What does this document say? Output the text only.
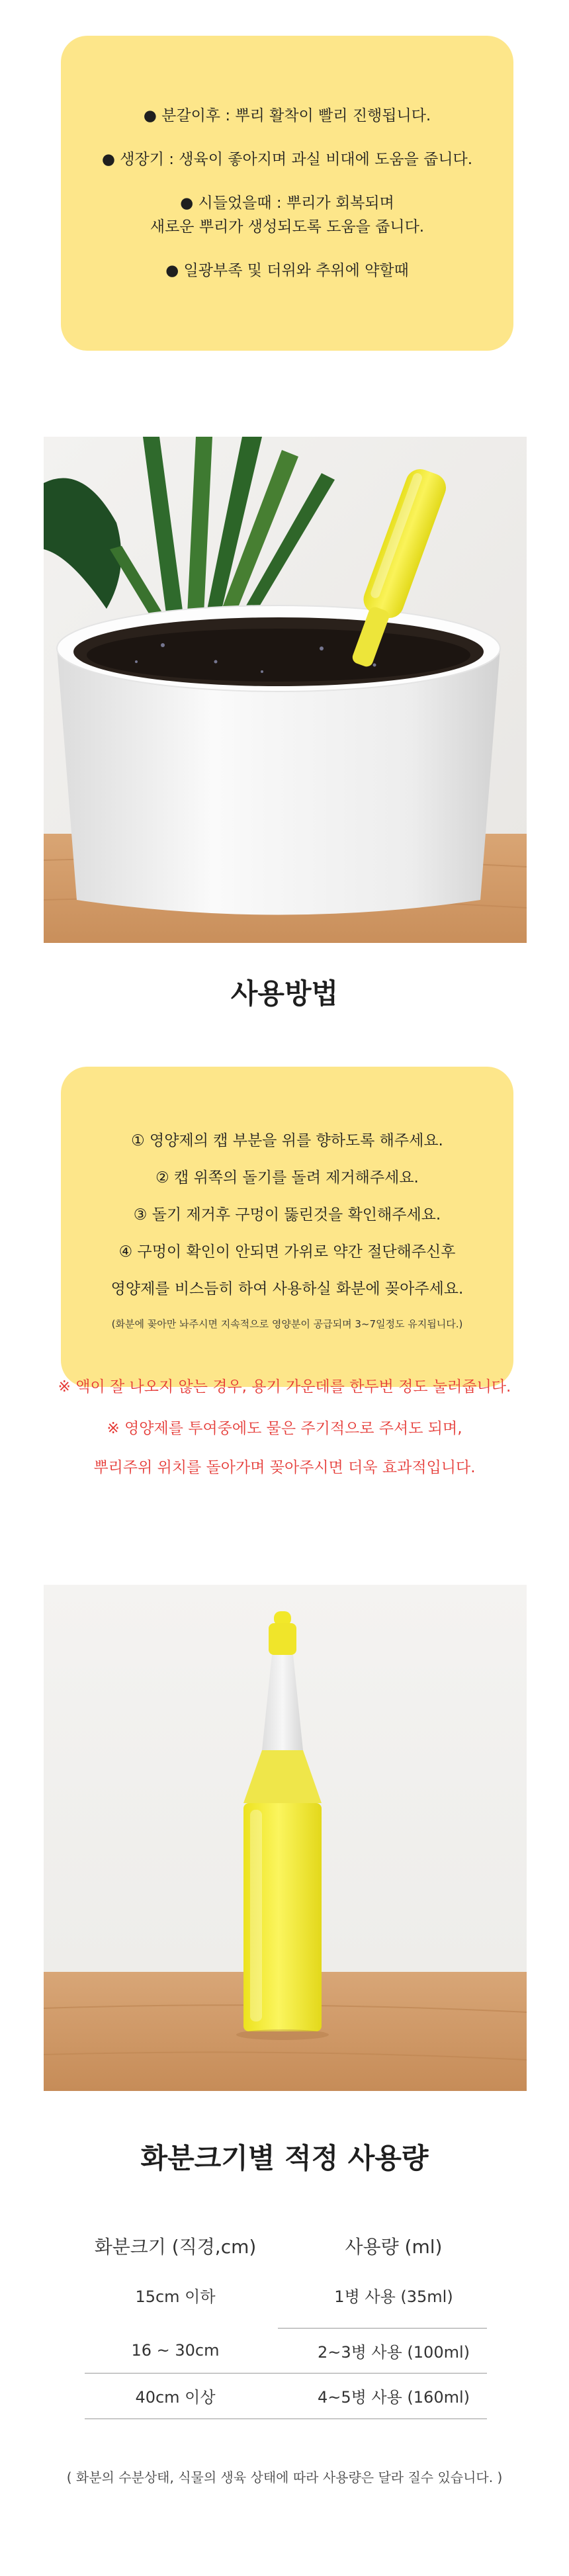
● 분갈이후 : 뿌리 활착이 빨리 진행됩니다.
● 생장기 : 생육이 좋아지며 과실 비대에 도움을 줍니다.
● 시들었을때 : 뿌리가 회복되며
새로운 뿌리가 생성되도록 도움을 줍니다.
● 일광부족 및 더위와 추위에 약할때
사용방법
① 영양제의 캡 부분을 위를 향하도록 해주세요.
② 캡 위쪽의 돌기를 돌려 제거해주세요.
③ 돌기 제거후 구멍이 뚫린것을 확인해주세요.
④ 구멍이 확인이 안되면 가위로 약간 절단해주신후
영양제를 비스듬히 하여 사용하실 화분에 꽂아주세요.
(화분에 꽂아만 놔주시면 지속적으로 영양분이 공급되며 3~7일정도 유지됩니다.)
※ 액이 잘 나오지 않는 경우, 용기 가운데를 한두번 정도 눌러줍니다.
※ 영양제를 투여중에도 물은 주기적으로 주셔도 되며,
뿌리주위 위치를 돌아가며 꽂아주시면 더욱 효과적입니다.
화분크기별 적정 사용량
화분크기 (직경,cm)	사용량 (ml)
15cm 이하	1병 사용 (35ml)
16 ~ 30cm	2~3병 사용 (100ml)
40cm 이상	4~5병 사용 (160ml)
( 화분의 수분상태, 식물의 생육 상태에 따라 사용량은 달라 질수 있습니다. )
